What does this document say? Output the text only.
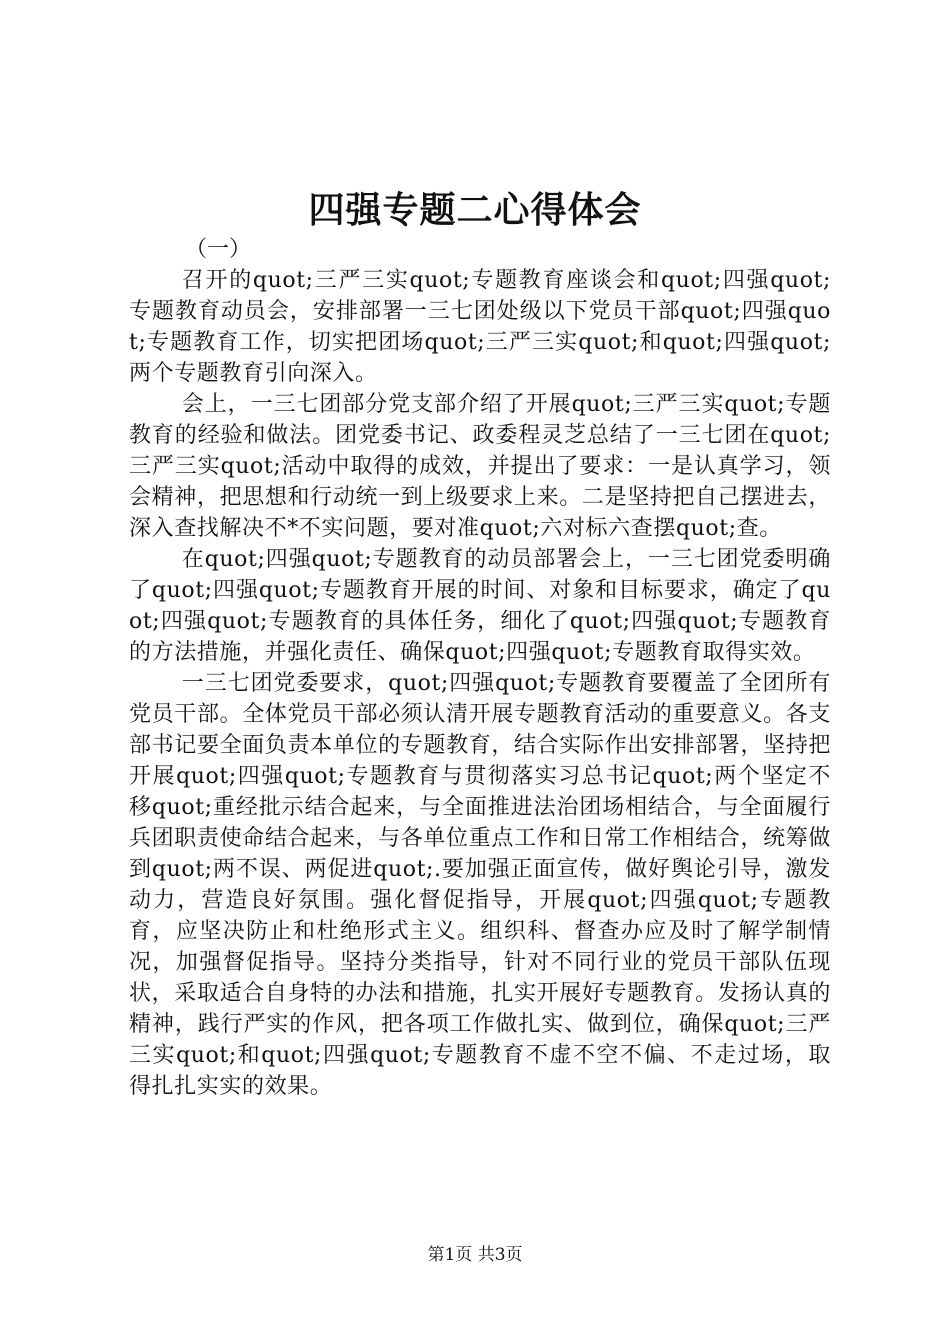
四强专题二心得体会

（一）

召开的quot;三严三实quot;专题教育座谈会和quot;四强quot;专题教育动员会，安排部署一三七团处级以下党员干部quot;四强quot;专题教育工作，切实把团场quot;三严三实quot;和quot;四强quot;两个专题教育引向深入。

会上，一三七团部分党支部介绍了开展quot;三严三实quot;专题教育的经验和做法。团党委书记、政委程灵芝总结了一三七团在quot;三严三实quot;活动中取得的成效，并提出了要求：一是认真学习，领会精神，把思想和行动统一到上级要求上来。二是坚持把自己摆进去，深入查找解决不*不实问题，要对准quot;六对标六查摆quot;查。

在quot;四强quot;专题教育的动员部署会上，一三七团党委明确了quot;四强quot;专题教育开展的时间、对象和目标要求，确定了quot;四强quot;专题教育的具体任务，细化了quot;四强quot;专题教育的方法措施，并强化责任、确保quot;四强quot;专题教育取得实效。

一三七团党委要求，quot;四强quot;专题教育要覆盖了全团所有党员干部。全体党员干部必须认清开展专题教育活动的重要意义。各支部书记要全面负责本单位的专题教育，结合实际作出安排部署，坚持把开展quot;四强quot;专题教育与贯彻落实习总书记quot;两个坚定不移quot;重经批示结合起来，与全面推进法治团场相结合，与全面履行兵团职责使命结合起来，与各单位重点工作和日常工作相结合，统筹做到quot;两不误、两促进quot;.要加强正面宣传，做好舆论引导，激发动力，营造良好氛围。强化督促指导，开展quot;四强quot;专题教育，应坚决防止和杜绝形式主义。组织科、督查办应及时了解学制情况，加强督促指导。坚持分类指导，针对不同行业的党员干部队伍现状，采取适合自身特的办法和措施，扎实开展好专题教育。发扬认真的精神，践行严实的作风，把各项工作做扎实、做到位，确保quot;三严三实quot;和quot;四强quot;专题教育不虚不空不偏、不走过场，取得扎扎实实的效果。

第1页 共3页
